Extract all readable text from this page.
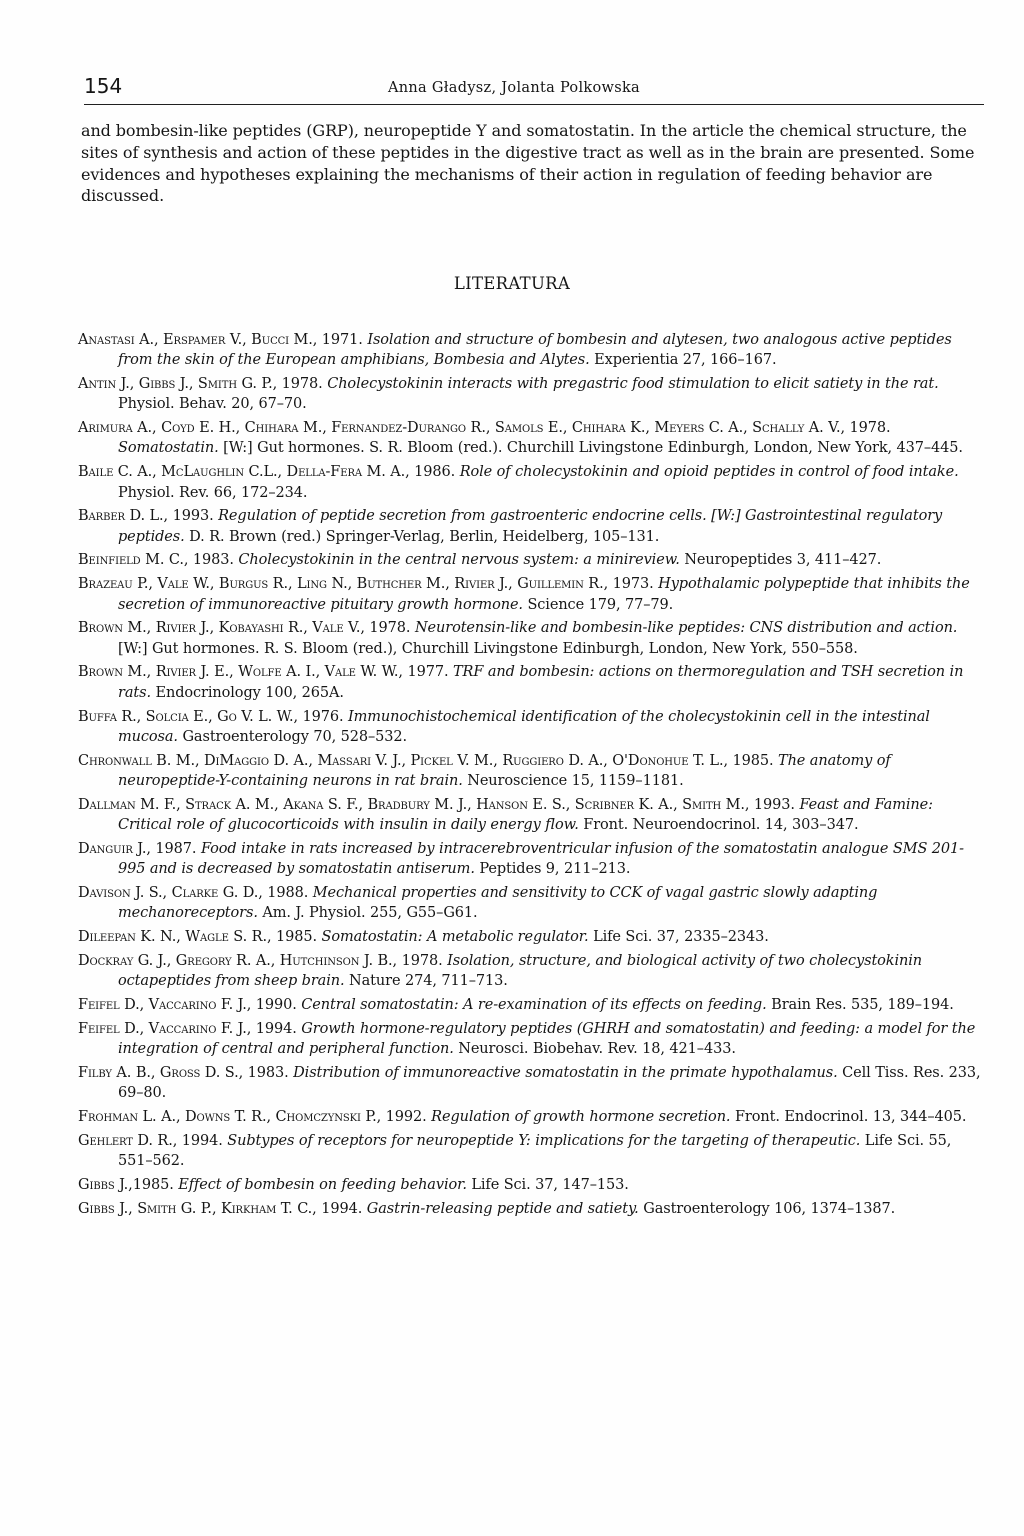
154	Anna Gładysz, Jolanta Polkowska

and bombesin-like peptides (GRP), neuropeptide Y and somatostatin. In the article the chemical structure, the sites of synthesis and action of these peptides in the digestive tract as well as in the brain are presented. Some evidences and hypotheses explaining the mechanisms of their action in regulation of feeding behavior are discussed.

LITERATURA

Anastasi A., Erspamer V., Bucci M., 1971. Isolation and structure of bombesin and alytesen, two analogous active peptides from the skin of the European amphibians, Bombesia and Alytes. Experientia 27, 166–167.

Antin J., Gibbs J., Smith G. P., 1978. Cholecystokinin interacts with pregastric food stimulation to elicit satiety in the rat. Physiol. Behav. 20, 67–70.

Arimura A., Coyd E. H., Chihara M., Fernandez-Durango R., Samols E., Chihara K., Meyers C. A., Schally A. V., 1978. Somatostatin. [W:] Gut hormones. S. R. Bloom (red.). Churchill Livingstone Edinburgh, London, New York, 437–445.

Baile C. A., McLaughlin C.L., Della-Fera M. A., 1986. Role of cholecystokinin and opioid peptides in control of food intake. Physiol. Rev. 66, 172–234.

Barber D. L., 1993. Regulation of peptide secretion from gastroenteric endocrine cells. [W:] Gastrointestinal regulatory peptides. D. R. Brown (red.) Springer-Verlag, Berlin, Heidelberg, 105–131.

Beinfield M. C., 1983. Cholecystokinin in the central nervous system: a minireview. Neuropeptides 3, 411–427.

Brazeau P., Vale W., Burgus R., Ling N., Buthcher M., Rivier J., Guillemin R., 1973. Hypothalamic polypeptide that inhibits the secretion of immunoreactive pituitary growth hormone. Science 179, 77–79.

Brown M., Rivier J., Kobayashi R., Vale V., 1978. Neurotensin-like and bombesin-like peptides: CNS distribution and action. [W:] Gut hormones. R. S. Bloom (red.), Churchill Livingstone Edinburgh, London, New York, 550–558.

Brown M., Rivier J. E., Wolfe A. I., Vale W. W., 1977. TRF and bombesin: actions on thermoregulation and TSH secretion in rats. Endocrinology 100, 265A.

Buffa R., Solcia E., Go V. L. W., 1976. Immunochistochemical identification of the cholecystokinin cell in the intestinal mucosa. Gastroenterology 70, 528–532.

Chronwall B. M., DiMaggio D. A., Massari V. J., Pickel V. M., Ruggiero D. A., O'Donohue T. L., 1985. The anatomy of neuropeptide-Y-containing neurons in rat brain. Neuroscience 15, 1159–1181.

Dallman M. F., Strack A. M., Akana S. F., Bradbury M. J., Hanson E. S., Scribner K. A., Smith M., 1993. Feast and Famine: Critical role of glucocorticoids with insulin in daily energy flow. Front. Neuroendocrinol. 14, 303–347.

Danguir J., 1987. Food intake in rats increased by intracerebroventricular infusion of the somatostatin analogue SMS 201-995 and is decreased by somatostatin antiserum. Peptides 9, 211–213.

Davison J. S., Clarke G. D., 1988. Mechanical properties and sensitivity to CCK of vagal gastric slowly adapting mechanoreceptors. Am. J. Physiol. 255, G55–G61.

Dileepan K. N., Wagle S. R., 1985. Somatostatin: A metabolic regulator. Life Sci. 37, 2335–2343.

Dockray G. J., Gregory R. A., Hutchinson J. B., 1978. Isolation, structure, and biological activity of two cholecystokinin octapeptides from sheep brain. Nature 274, 711–713.

Feifel D., Vaccarino F. J., 1990. Central somatostatin: A re-examination of its effects on feeding. Brain Res. 535, 189–194.

Feifel D., Vaccarino F. J., 1994. Growth hormone-regulatory peptides (GHRH and somatostatin) and feeding: a model for the integration of central and peripheral function. Neurosci. Biobehav. Rev. 18, 421–433.

Filby A. B., Gross D. S., 1983. Distribution of immunoreactive somatostatin in the primate hypothalamus. Cell Tiss. Res. 233, 69–80.

Frohman L. A., Downs T. R., Chomczynski P., 1992. Regulation of growth hormone secretion. Front. Endocrinol. 13, 344–405.

Gehlert D. R., 1994. Subtypes of receptors for neuropeptide Y: implications for the targeting of therapeutic. Life Sci. 55, 551–562.

Gibbs J.,1985. Effect of bombesin on feeding behavior. Life Sci. 37, 147–153.

Gibbs J., Smith G. P., Kirkham T. C., 1994. Gastrin-releasing peptide and satiety. Gastroenterology 106, 1374–1387.
